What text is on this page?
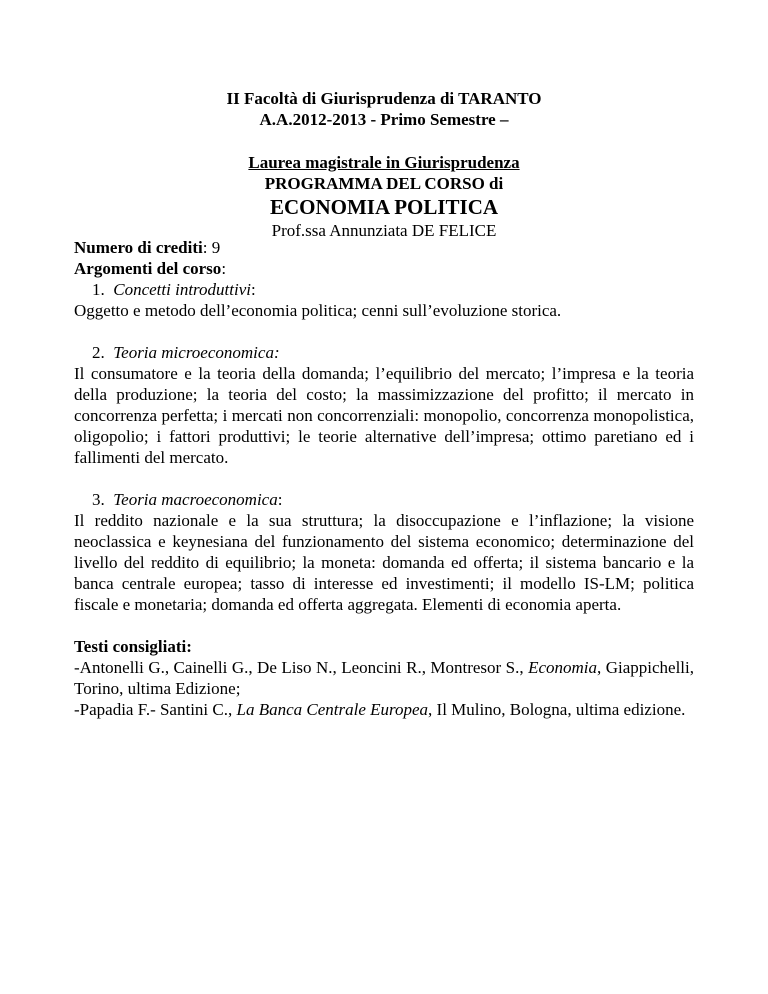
II Facoltà di Giurisprudenza di TARANTO
A.A.2012-2013 - Primo Semestre –
Laurea magistrale in Giurisprudenza
PROGRAMMA DEL CORSO di
ECONOMIA POLITICA
Prof.ssa Annunziata DE FELICE
Numero di crediti: 9
Argomenti del corso:
1. Concetti introduttivi:
Oggetto e metodo dell’economia politica; cenni sull’evoluzione storica.
2. Teoria microeconomica:
Il consumatore e la teoria della domanda; l’equilibrio del mercato; l’impresa e la teoria della produzione; la teoria del costo; la massimizzazione del profitto; il mercato in concorrenza perfetta; i mercati non concorrenziali: monopolio, concorrenza monopolistica, oligopolio; i fattori produttivi; le teorie alternative dell’impresa; ottimo paretiano ed i fallimenti del mercato.
3. Teoria macroeconomica:
Il reddito nazionale e la sua struttura; la disoccupazione e l’inflazione; la visione neoclassica e keynesiana del funzionamento del sistema economico; determinazione del livello del reddito di equilibrio; la moneta: domanda ed offerta; il sistema bancario e la banca centrale europea; tasso di interesse ed investimenti; il modello IS-LM; politica fiscale e monetaria; domanda ed offerta aggregata. Elementi di economia aperta.
Testi consigliati:
-Antonelli G., Cainelli G., De Liso N., Leoncini R., Montresor S., Economia, Giappichelli, Torino, ultima Edizione;
-Papadia F.- Santini C., La Banca Centrale Europea, Il Mulino, Bologna, ultima edizione.
